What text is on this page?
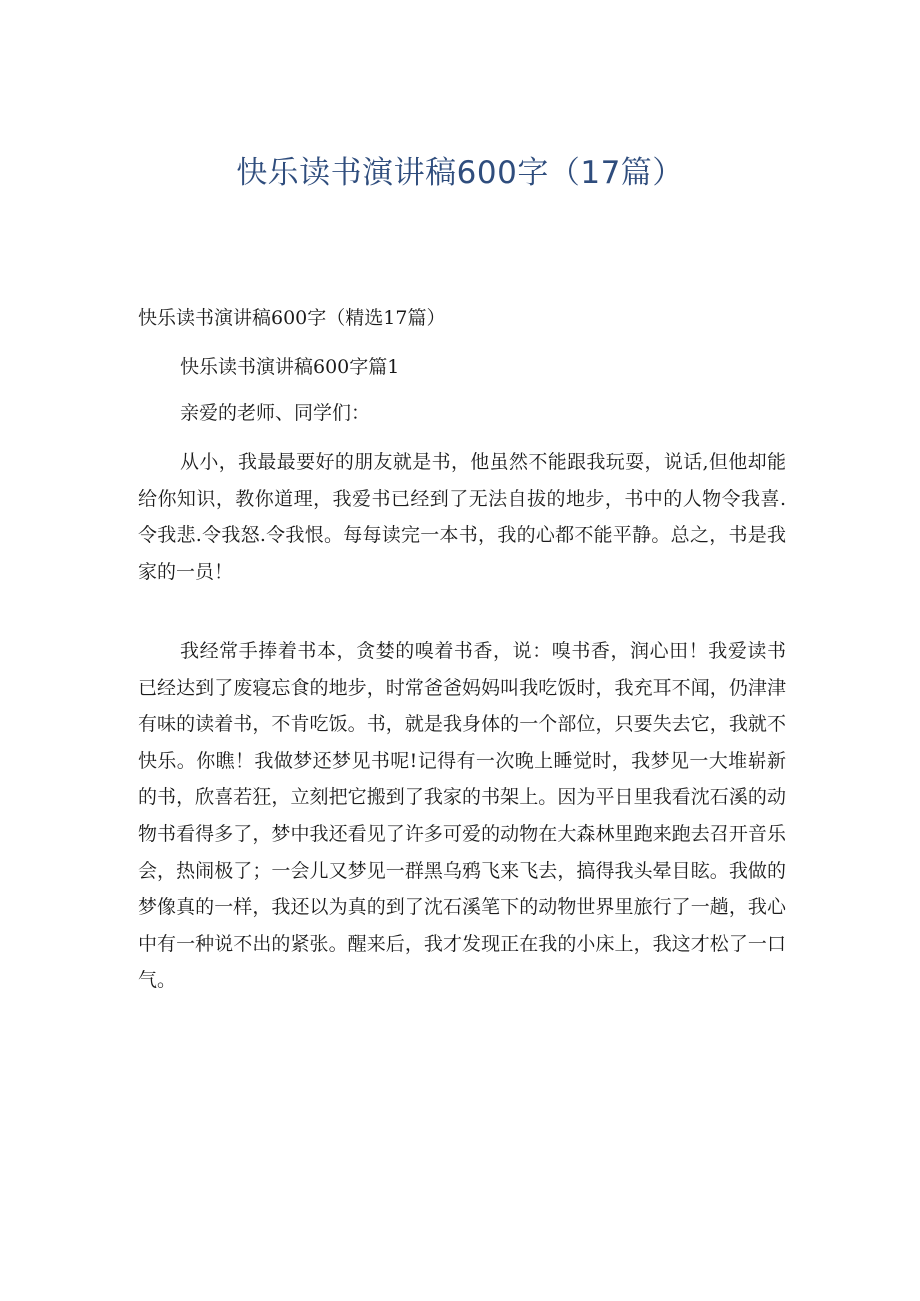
快乐读书演讲稿600字（17篇）

快乐读书演讲稿600字（精选17篇）

快乐读书演讲稿600字篇1

亲爱的老师、同学们：

从小，我最最要好的朋友就是书，他虽然不能跟我玩耍，说话,但他却能给你知识，教你道理，我爱书已经到了无法自拔的地步，书中的人物令我喜.令我悲.令我怒.令我恨。每每读完一本书，我的心都不能平静。总之，书是我家的一员！

我经常手捧着书本，贪婪的嗅着书香，说：嗅书香，润心田！我爱读书已经达到了废寝忘食的地步，时常爸爸妈妈叫我吃饭时，我充耳不闻，仍津津有味的读着书，不肯吃饭。书，就是我身体的一个部位，只要失去它，我就不快乐。你瞧！我做梦还梦见书呢!记得有一次晚上睡觉时，我梦见一大堆崭新的书，欣喜若狂，立刻把它搬到了我家的书架上。因为平日里我看沈石溪的动物书看得多了，梦中我还看见了许多可爱的动物在大森林里跑来跑去召开音乐会，热闹极了；一会儿又梦见一群黑乌鸦飞来飞去，搞得我头晕目眩。我做的梦像真的一样，我还以为真的到了沈石溪笔下的动物世界里旅行了一趟，我心中有一种说不出的紧张。醒来后，我才发现正在我的小床上，我这才松了一口气。
